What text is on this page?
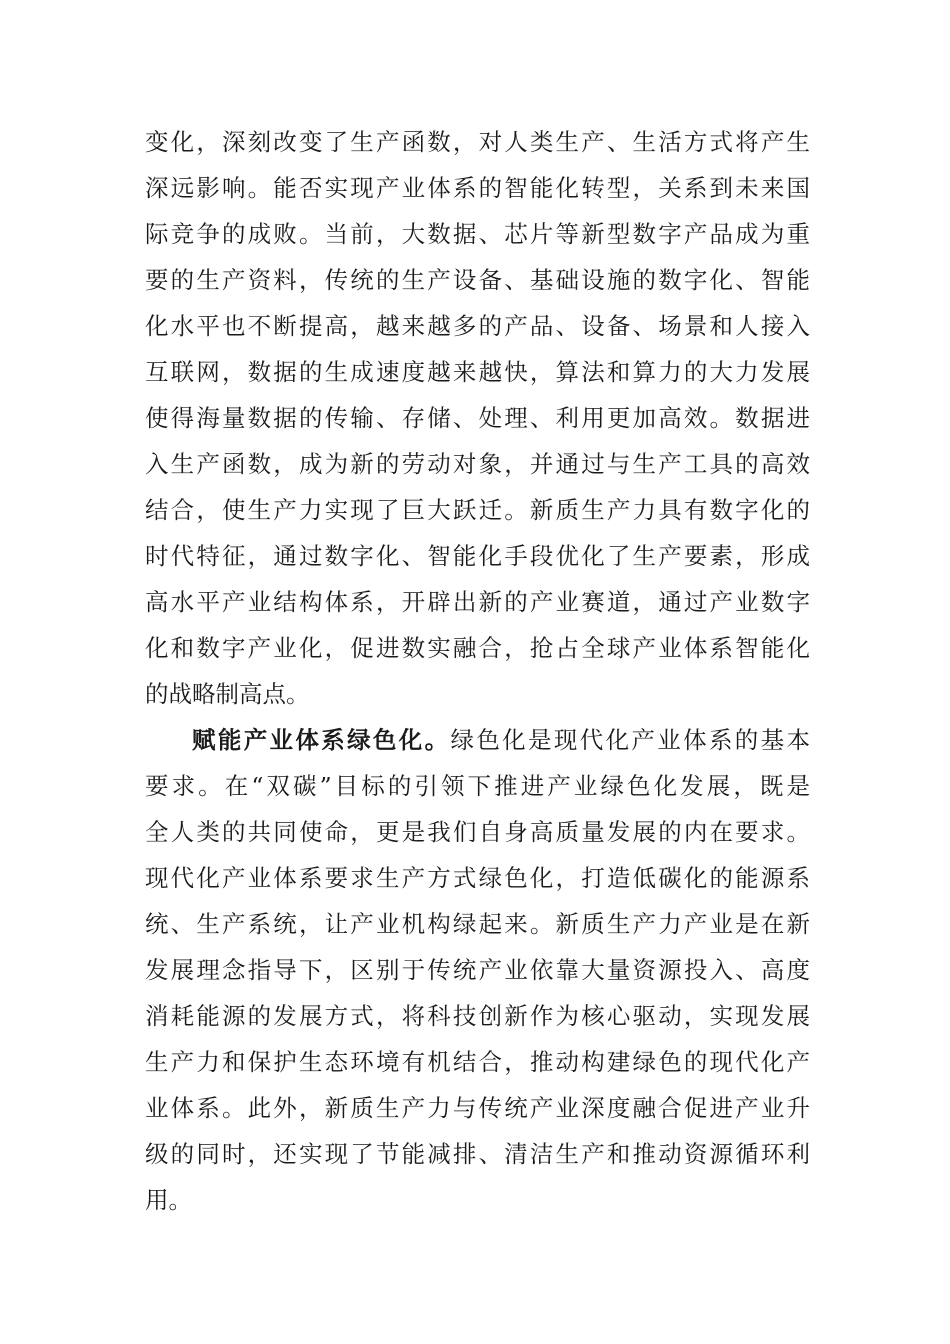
变化，深刻改变了生产函数，对人类生产、生活方式将产生
深远影响。能否实现产业体系的智能化转型，关系到未来国
际竞争的成败。当前，大数据、芯片等新型数字产品成为重
要的生产资料，传统的生产设备、基础设施的数字化、智能
化水平也不断提高，越来越多的产品、设备、场景和人接入
互联网，数据的生成速度越来越快，算法和算力的大力发展
使得海量数据的传输、存储、处理、利用更加高效。数据进
入生产函数，成为新的劳动对象，并通过与生产工具的高效
结合，使生产力实现了巨大跃迁。新质生产力具有数字化的
时代特征，通过数字化、智能化手段优化了生产要素，形成
高水平产业结构体系，开辟出新的产业赛道，通过产业数字
化和数字产业化，促进数实融合，抢占全球产业体系智能化
的战略制高点。
赋能产业体系绿色化。绿色化是现代化产业体系的基本
要求。在“双碳”目标的引领下推进产业绿色化发展，既是
全人类的共同使命，更是我们自身高质量发展的内在要求。
现代化产业体系要求生产方式绿色化，打造低碳化的能源系
统、生产系统，让产业机构绿起来。新质生产力产业是在新
发展理念指导下，区别于传统产业依靠大量资源投入、高度
消耗能源的发展方式，将科技创新作为核心驱动，实现发展
生产力和保护生态环境有机结合，推动构建绿色的现代化产
业体系。此外，新质生产力与传统产业深度融合促进产业升
级的同时，还实现了节能减排、清洁生产和推动资源循环利
用。
